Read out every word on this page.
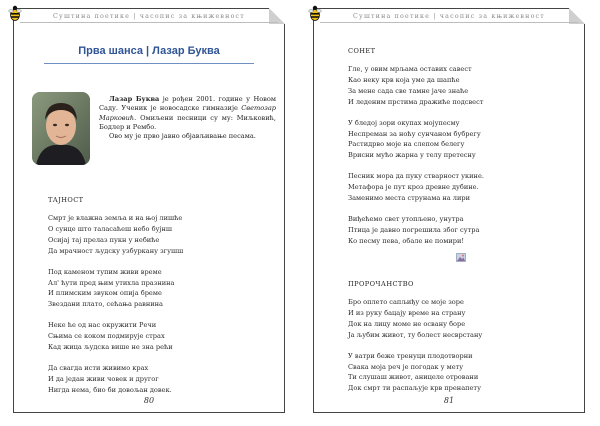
Суштина поетике | часопис за књижевност
Прва шанса | Лазар Буква

Лазар Буква је рођен 2001. године у Новом Саду. Ученик је новосадске гимназије Светозар Марковић. Омиљени песници су му: Миљковић, Бодлер и Рембо.

Ово му је прво јавно објављивање песама.

ТАЈНОСТ
Смрт је влажна земља и на њој лишће
О сунце што таласаћеш небо бујнш
Осијај тај прелаз пукн у небиће
Да мрачност људску узбуркану згушш
Под каменом тупим живи време
Ал' ћути пред њим утихла празнина
И плимским звуком опија бреме
Звездани плато, сећања равнина
Неке ће од нас окружити Речи
Сњима се коком подмирује страх
Кад жица људска више не зна рећи
Да свагда исти живимо крах
И да један живи човек и другог
Нигда нема, био би довољан довек.
80
Суштина поетике | часопис за књижевност
СОНЕТ
Гле, у овим мрљама оставих савест
Као неку крв која уме да шапће
За мене сада све тамне јаче знаће
И леденим прстима дражиће подсвест
У бледој зори окупах мојупесму
Неспреман за ноћу сунчаном бубрегу
Растидрво моје на слепом белегу
Врисни мућо жарна у телу претесну
Песник мора да пуку стварност укине.
Метафора је пут кроз древне дубине.
Заменимо места струнама на лири
Виђећемо свет утопљено, унутра
Птица је давно погрешила због сутра
Ко песму пева, обале не помири!
ПРОРОЧАНСТВО
Бро оплето сапљиђу се моје зоре
И из руку бацају време на страну
Док на лицу моме не освану боре
Ја љубим живот, ту болест несврстану
У ватри беже тренуци плодотворни
Свака моја реч је погодак у мету
Ти слушаш живот, аницеле отровани
Док смрт ти распаљује крв пренапету
81
